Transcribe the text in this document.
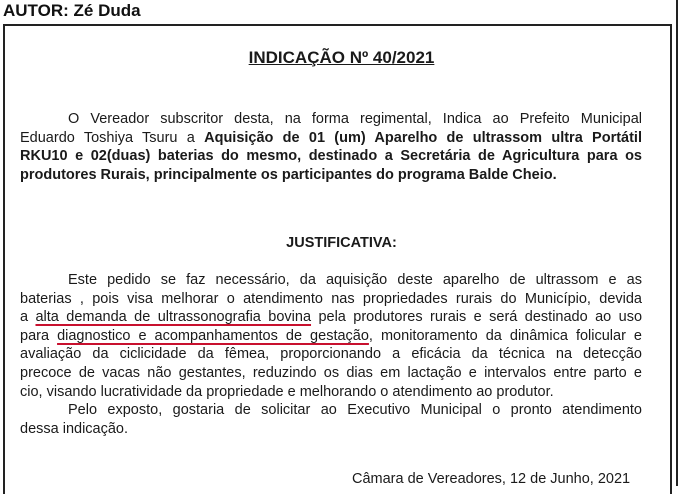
AUTOR: Zé Duda
INDICAÇÃO Nº 40/2021
O Vereador subscritor desta, na forma regimental, Indica ao Prefeito Municipal
Eduardo Toshiya Tsuru a Aquisição de 01 (um) Aparelho de ultrassom ultra Portátil
RKU10 e 02(duas) baterias do mesmo, destinado a Secretária de Agricultura para os
produtores Rurais, principalmente os participantes do programa Balde Cheio.
JUSTIFICATIVA:
Este pedido se faz necessário, da aquisição deste aparelho de ultrassom e as
baterias , pois visa melhorar o atendimento nas propriedades rurais do Município, devida
a alta demanda de ultrassonografia bovina pela produtores rurais e será destinado ao uso
para diagnostico e acompanhamentos de gestação, monitoramento da dinâmica folicular e
avaliação da ciclicidade da fêmea, proporcionando a eficácia da técnica na detecção
precoce de vacas não gestantes, reduzindo os dias em lactação e intervalos entre parto e
cio, visando lucratividade da propriedade e melhorando o atendimento ao produtor.
Pelo exposto, gostaria de solicitar ao Executivo Municipal o pronto atendimento
dessa indicação.
Câmara de Vereadores, 12 de Junho, 2021
